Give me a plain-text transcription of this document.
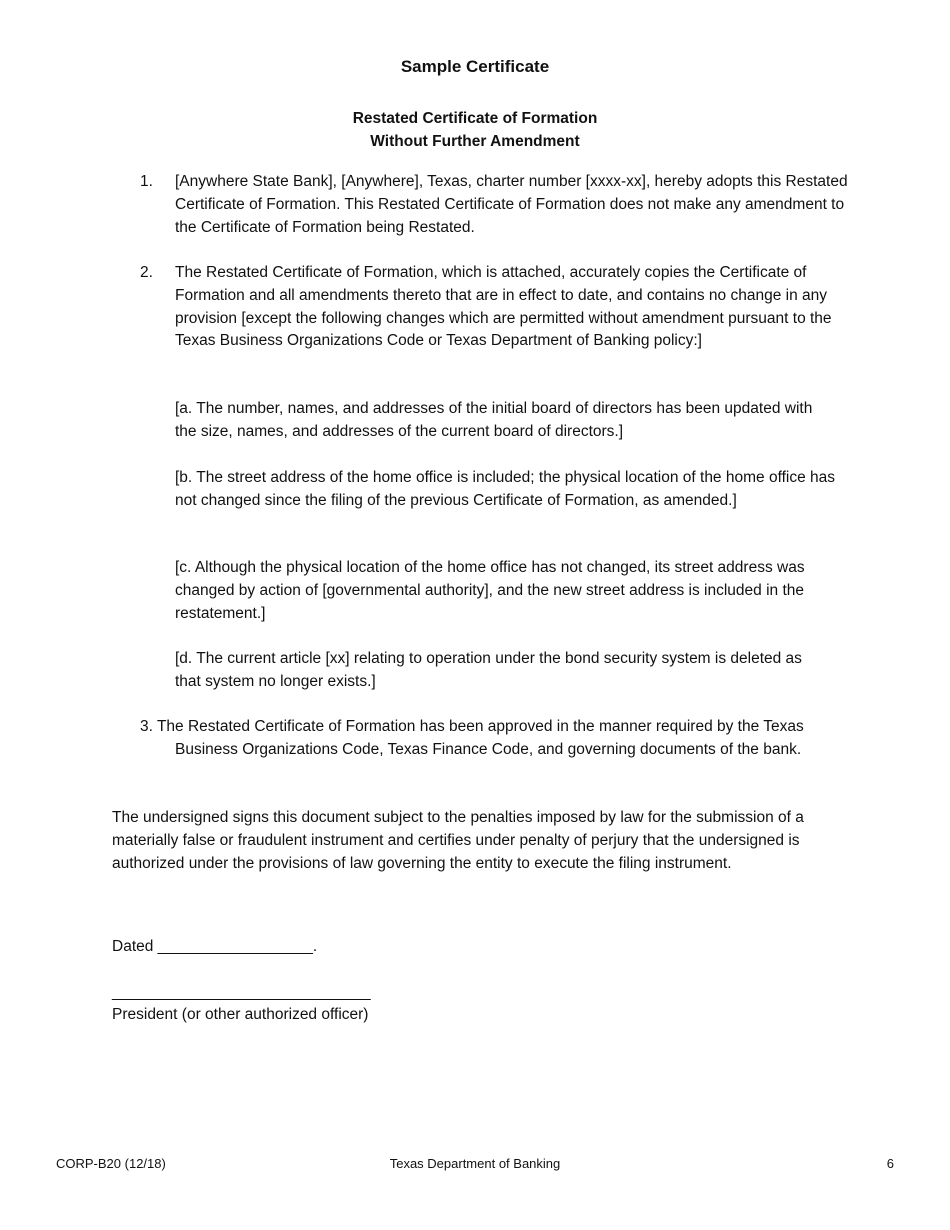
Sample Certificate
Restated Certificate of Formation
Without Further Amendment
1. [Anywhere State Bank], [Anywhere], Texas, charter number [xxxx-xx], hereby adopts this Restated Certificate of Formation. This Restated Certificate of Formation does not make any amendment to the Certificate of Formation being Restated.
2. The Restated Certificate of Formation, which is attached, accurately copies the Certificate of Formation and all amendments thereto that are in effect to date, and contains no change in any provision [except the following changes which are permitted without amendment pursuant to the Texas Business Organizations Code or Texas Department of Banking policy:]
[a. The number, names, and addresses of the initial board of directors has been updated with the size, names, and addresses of the current board of directors.]
[b. The street address of the home office is included; the physical location of the home office has not changed since the filing of the previous Certificate of Formation, as amended.]
[c. Although the physical location of the home office has not changed, its street address was changed by action of [governmental authority], and the new street address is included in the restatement.]
[d. The current article [xx] relating to operation under the bond security system is deleted as that system no longer exists.]
3. The Restated Certificate of Formation has been approved in the manner required by the Texas Business Organizations Code, Texas Finance Code, and governing documents of the bank.
The undersigned signs this document subject to the penalties imposed by law for the submission of a materially false or fraudulent instrument and certifies under penalty of perjury that the undersigned is authorized under the provisions of law governing the entity to execute the filing instrument.
Dated __________________.
______________________________
President (or other authorized officer)
CORP-B20 (12/18)	Texas Department of Banking	6
